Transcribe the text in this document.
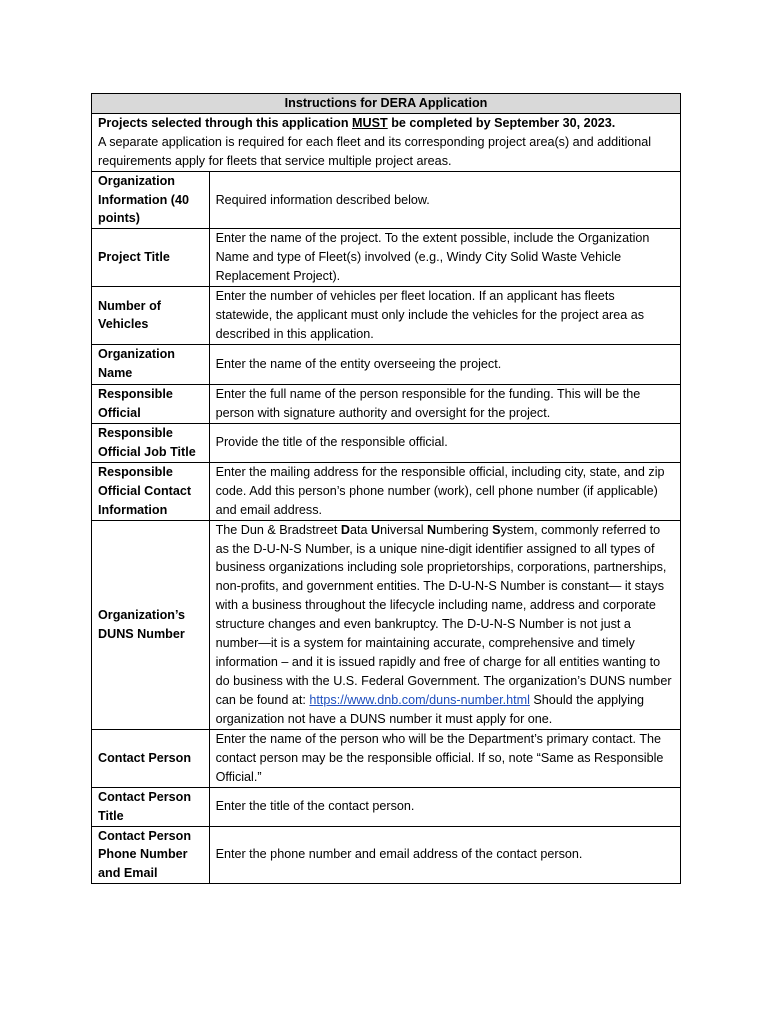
Instructions for DERA Application	

Projects selected through this application MUST be completed by September 30, 2023.
A separate application is required for each fleet and its corresponding project area(s) and additional requirements apply for fleets that service multiple project areas.	

Organization Information (40 points)	Required information described below.
Project Title	Enter the name of the project. To the extent possible, include the Organization Name and type of Fleet(s) involved (e.g., Windy City Solid Waste Vehicle Replacement Project).
Number of Vehicles	Enter the number of vehicles per fleet location. If an applicant has fleets statewide, the applicant must only include the vehicles for the project area as described in this application.
Organization Name	Enter the name of the entity overseeing the project.
Responsible Official	Enter the full name of the person responsible for the funding. This will be the person with signature authority and oversight for the project.
Responsible Official Job Title	Provide the title of the responsible official.
Responsible Official Contact Information	Enter the mailing address for the responsible official, including city, state, and zip code. Add this person’s phone number (work), cell phone number (if applicable) and email address.
Organization’s DUNS Number	The Dun & Bradstreet Data Universal Numbering System, commonly referred to as the D-U-N-S Number, is a unique nine-digit identifier assigned to all types of business organizations including sole proprietorships, corporations, partnerships, non-profits, and government entities. The D-U-N-S Number is constant— it stays with a business throughout the lifecycle including name, address and corporate structure changes and even bankruptcy. The D-U-N-S Number is not just a number—it is a system for maintaining accurate, comprehensive and timely information – and it is issued rapidly and free of charge for all entities wanting to do business with the U.S. Federal Government. The organization’s DUNS number can be found at: https://www.dnb.com/duns-number.html Should the applying organization not have a DUNS number it must apply for one.
Contact Person	Enter the name of the person who will be the Department’s primary contact. The contact person may be the responsible official. If so, note “Same as Responsible Official.”
Contact Person Title	Enter the title of the contact person.
Contact Person Phone Number and Email	Enter the phone number and email address of the contact person.
